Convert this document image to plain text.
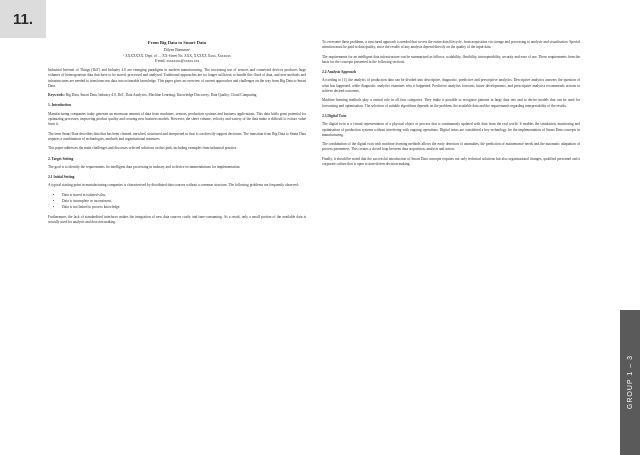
11.
GROUP 1 – 3
From Big Data to Smart Data
Dilyan Biemann¹
¹ XXXXXXX, Dept. of ..., XX-Street No. XXX, XXXXX Xxxx, Xxxxxxx
E-mail: xxxxxxxx@xxxxx.xxx

Industrial Internet of Things (IIoT) and Industry 4.0 are emerging paradigms in modern manufacturing. The increasing use of sensors and connected devices produces large volumes of heterogeneous data that have to be stored, processed and analysed. Traditional approaches are no longer sufficient to handle this flood of data, and new methods and infrastructures are needed to transform raw data into actionable knowledge. This paper gives an overview of current approaches and challenges on the way from Big Data to Smart Data.

Keywords: Big Data, Smart Data, Industry 4.0, IIoT, Data Analytics, Machine Learning, Knowledge Discovery, Data Quality, Cloud Computing

1. Introduction

Manufacturing companies today generate an enormous amount of data from machines, sensors, production systems and business applications. This data holds great potential for optimizing processes, improving product quality and creating new business models. However, the sheer volume, velocity and variety of the data make it difficult to extract value from it.

The term Smart Data describes data that has been cleaned, enriched, structured and interpreted so that it can directly support decisions. The transition from Big Data to Smart Data requires a combination of technologies, methods and organisational measures.

This paper addresses the main challenges and discusses selected solutions on this path, including examples from industrial practice.

2. Target Setting

The goal is to identify the requirements for intelligent data processing in industry and to derive recommendations for implementation.

2.1 Initial Setting

A typical starting point in manufacturing companies is characterised by distributed data sources without a common structure. The following problems are frequently observed:

• Data is stored in isolated silos,
• Data is incomplete or inconsistent,
• Data is not linked to process knowledge.

Furthermore, the lack of standardised interfaces makes the integration of new data sources costly and time-consuming. As a result, only a small portion of the available data is actually used for analysis and decision making.

To overcome these problems, a structured approach is needed that covers the entire data lifecycle, from acquisition via storage and processing to analysis and visualisation. Special attention must be paid to data quality, since the results of any analysis depend directly on the quality of the input data.

The requirements for an intelligent data infrastructure can be summarised as follows: scalability, flexibility, interoperability, security and ease of use. These requirements form the basis for the concepts presented in the following sections.

2.2 Analysis Approach

According to [1], the analysis of production data can be divided into descriptive, diagnostic, predictive and prescriptive analytics. Descriptive analytics answers the question of what has happened, while diagnostic analytics examines why it happened. Predictive analytics forecasts future developments, and prescriptive analytics recommends actions to achieve desired outcomes.

Machine learning methods play a central role in all four categories. They make it possible to recognise patterns in large data sets and to derive models that can be used for forecasting and optimisation. The selection of suitable algorithms depends on the problem, the available data and the requirements regarding interpretability of the results.

2.3 Digital Twin

The digital twin is a virtual representation of a physical object or process that is continuously updated with data from the real world. It enables the simulation, monitoring and optimisation of production systems without interfering with ongoing operations. Digital twins are considered a key technology for the implementation of Smart Data concepts in manufacturing.

The combination of the digital twin with machine learning methods allows the early detection of anomalies, the prediction of maintenance needs and the automatic adaptation of process parameters. This creates a closed loop between data acquisition, analysis and action.

Finally, it should be noted that the successful introduction of Smart Data concepts requires not only technical solutions but also organisational changes, qualified personnel and a corporate culture that is open to data-driven decision making.
